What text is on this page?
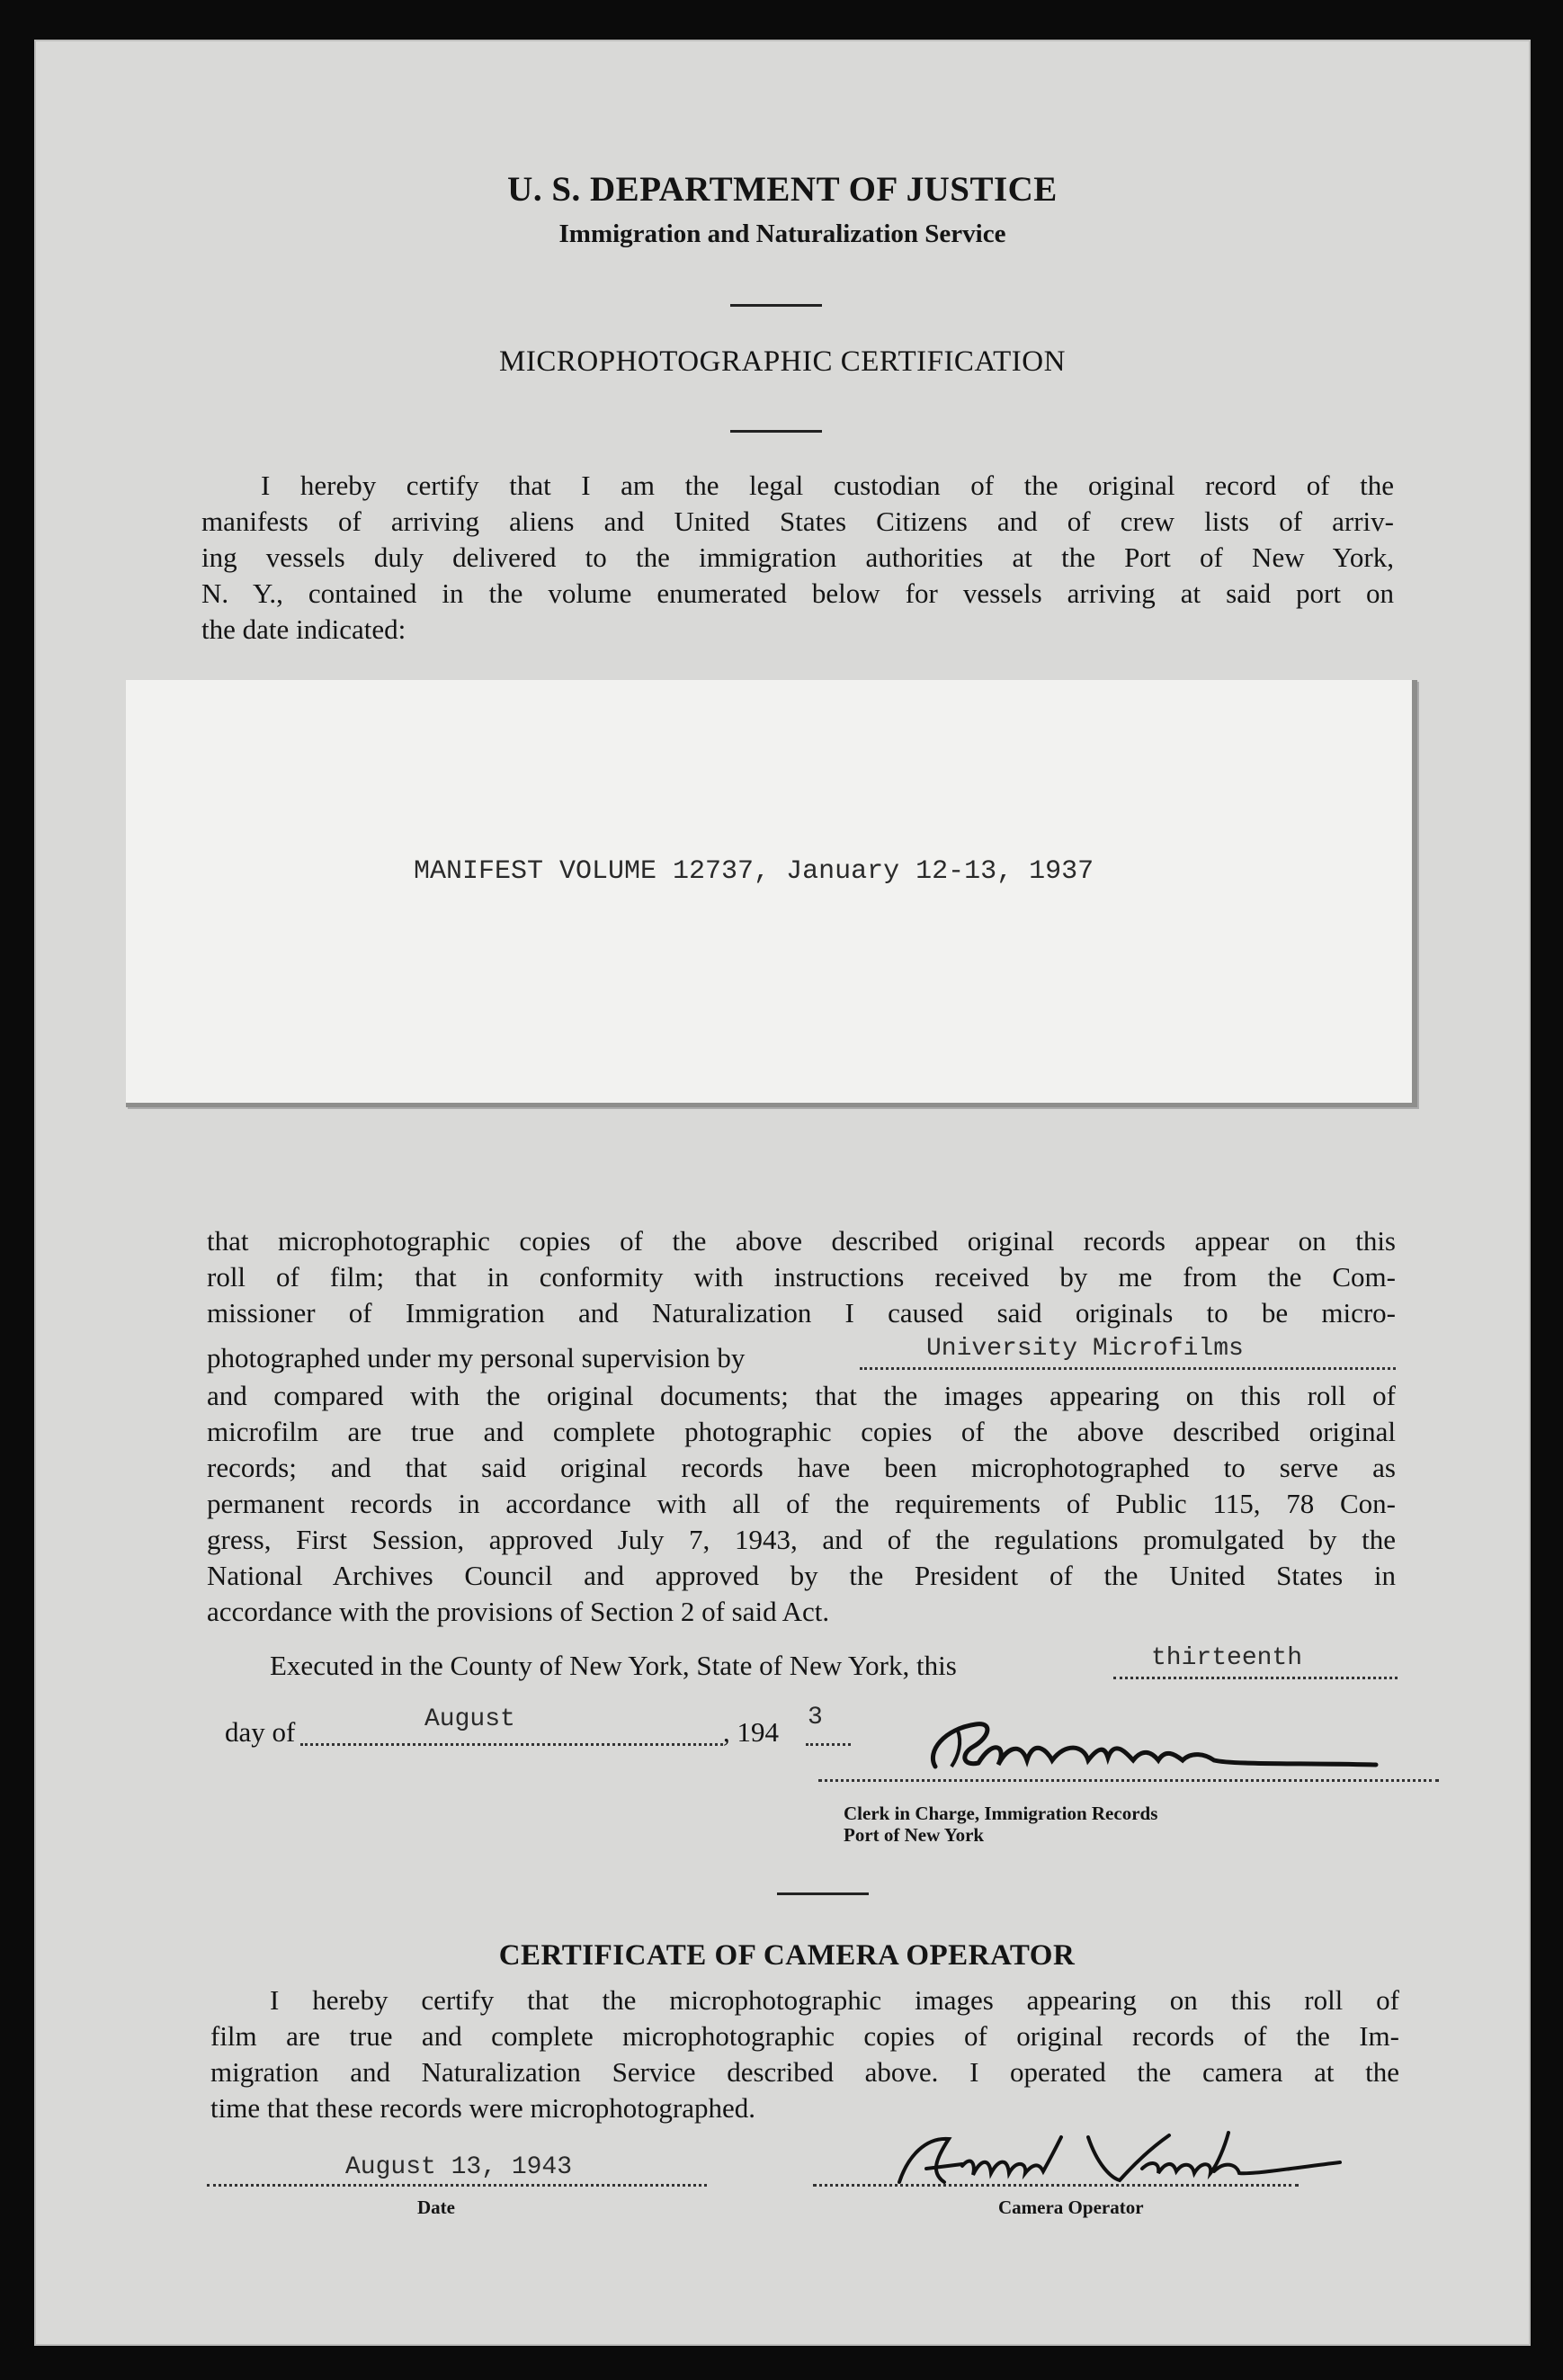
U. S. DEPARTMENT OF JUSTICE
Immigration and Naturalization Service
MICROPHOTOGRAPHIC CERTIFICATION
I hereby certify that I am the legal custodian of the original record of the
manifests of arriving aliens and United States Citizens and of crew lists of arriv-
ing vessels duly delivered to the immigration authorities at the Port of New York,
N. Y., contained in the volume enumerated below for vessels arriving at said port on
the date indicated:
MANIFEST VOLUME 12737, January 12-13, 1937
that microphotographic copies of the above described original records appear on this
roll of film; that in conformity with instructions received by me from the Com-
missioner of Immigration and Naturalization I caused said originals to be micro-
photographed under my personal supervision by	University Microfilms
and compared with the original documents; that the images appearing on this roll of
microfilm are true and complete photographic copies of the above described original
records; and that said original records have been microphotographed to serve as
permanent records in accordance with all of the requirements of Public 115, 78 Con-
gress, First Session, approved July 7, 1943, and of the regulations promulgated by the
National Archives Council and approved by the President of the United States in
accordance with the provisions of Section 2 of said Act.
Executed in the County of New York, State of New York, this	thirteenth
day of	August	, 194 3
Clerk in Charge, Immigration Records
Port of New York
CERTIFICATE OF CAMERA OPERATOR
I hereby certify that the microphotographic images appearing on this roll of
film are true and complete microphotographic copies of original records of the Im-
migration and Naturalization Service described above. I operated the camera at the
time that these records were microphotographed.
August 13, 1943
Date	Camera Operator
